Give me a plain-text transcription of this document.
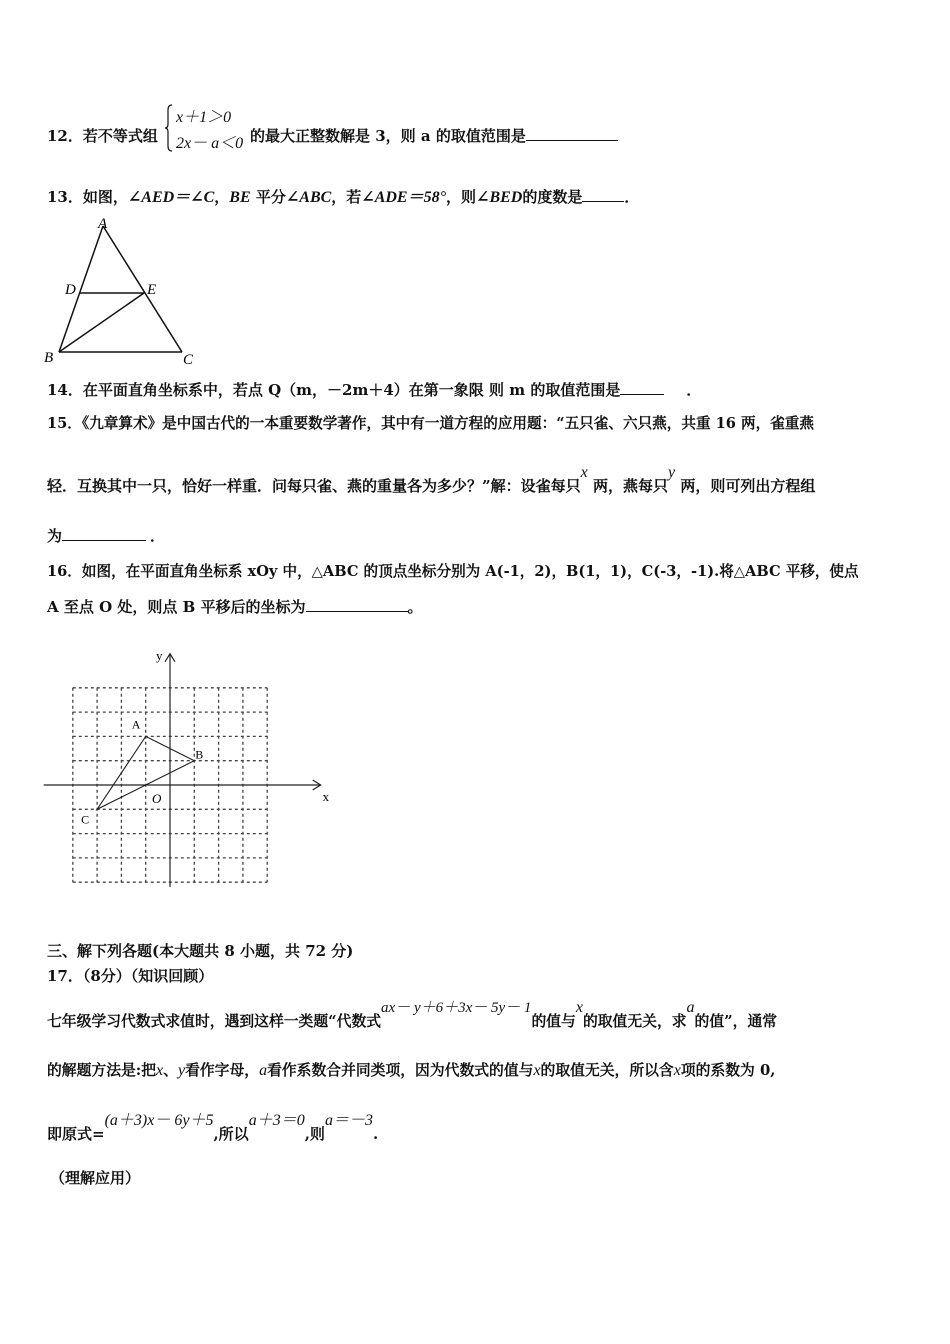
12．若不等式组
x＋1＞0
2x－ a＜0 的最大正整数解是 3，则 a 的取值范围是
13．如图，∠AED＝∠C，BE 平分∠ABC，若∠ADE＝58°，则∠BED的度数是	．
A
D	E
B	C
14．在平面直角坐标系中，若点 Q（m，－2m＋4）在第一象限 则 m 的取值范围是	．
15．《九章算术》是中国古代的一本重要数学著作，其中有一道方程的应用题：“五只雀、六只燕，共重 16 两，雀重燕
轻．互换其中一只，恰好一样重．问每只雀、燕的重量各为多少？”解：设雀每只x 两，燕每只y 两，则可列出方程组
为	．
16．如图，在平面直角坐标系 xOy 中，△ABC 的顶点坐标分别为 A(-1，2)，B(1，1)，C(-3，-1).将△ABC 平移，使点
A 至点 O 处，则点 B 平移后的坐标为	。
x
y
O
A
B
C
三、解下列各题(本大题共 8 小题，共 72 分)
17．（8分）（知识回顾）
七年级学习代数式求值时，遇到这样一类题“代数式ax－ y＋6＋3x－ 5y－ 1的值与x的取值无关，求a的值”，通常
的解题方法是:把x、y看作字母，a看作系数合并同类项，因为代数式的值与x的取值无关，所以含x项的系数为 0,
即原式=(a＋3)x－ 6y＋5,所以a＋3＝0,则a＝－3.
（理解应用）
